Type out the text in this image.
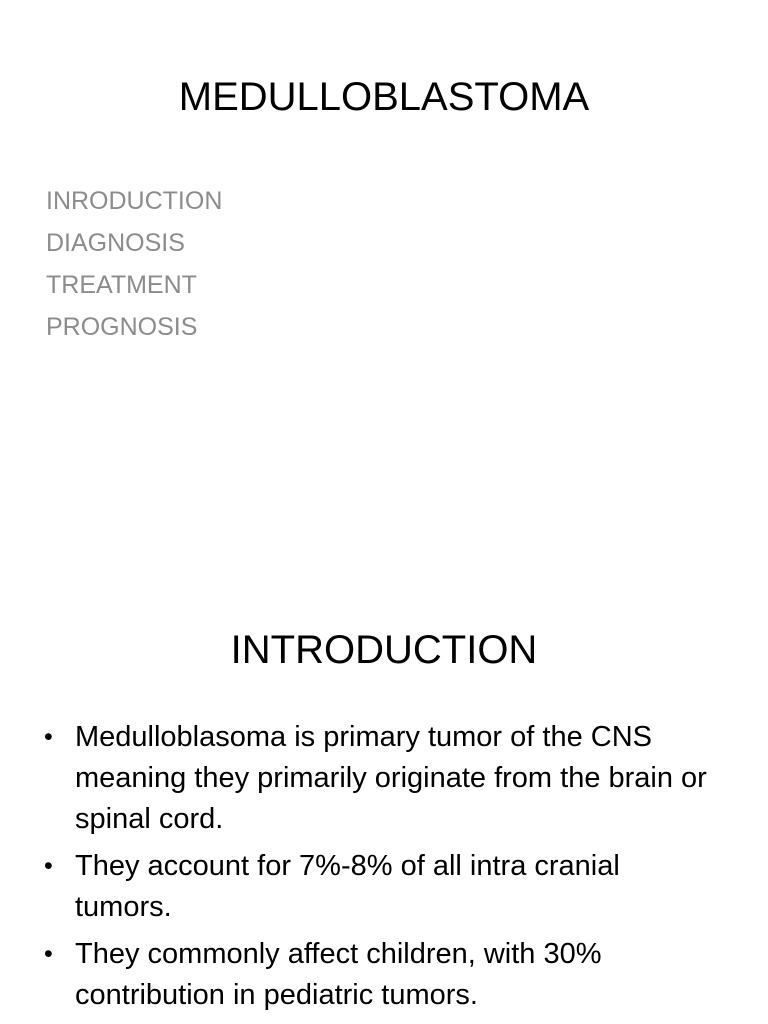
MEDULLOBLASTOMA
INRODUCTION
DIAGNOSIS
TREATMENT
PROGNOSIS
INTRODUCTION
• Medulloblasoma is primary tumor of the CNS meaning they primarily originate from the brain or spinal cord.
• They account for 7%-8% of all intra cranial tumors.
• They commonly affect children, with 30% contribution in pediatric tumors.
